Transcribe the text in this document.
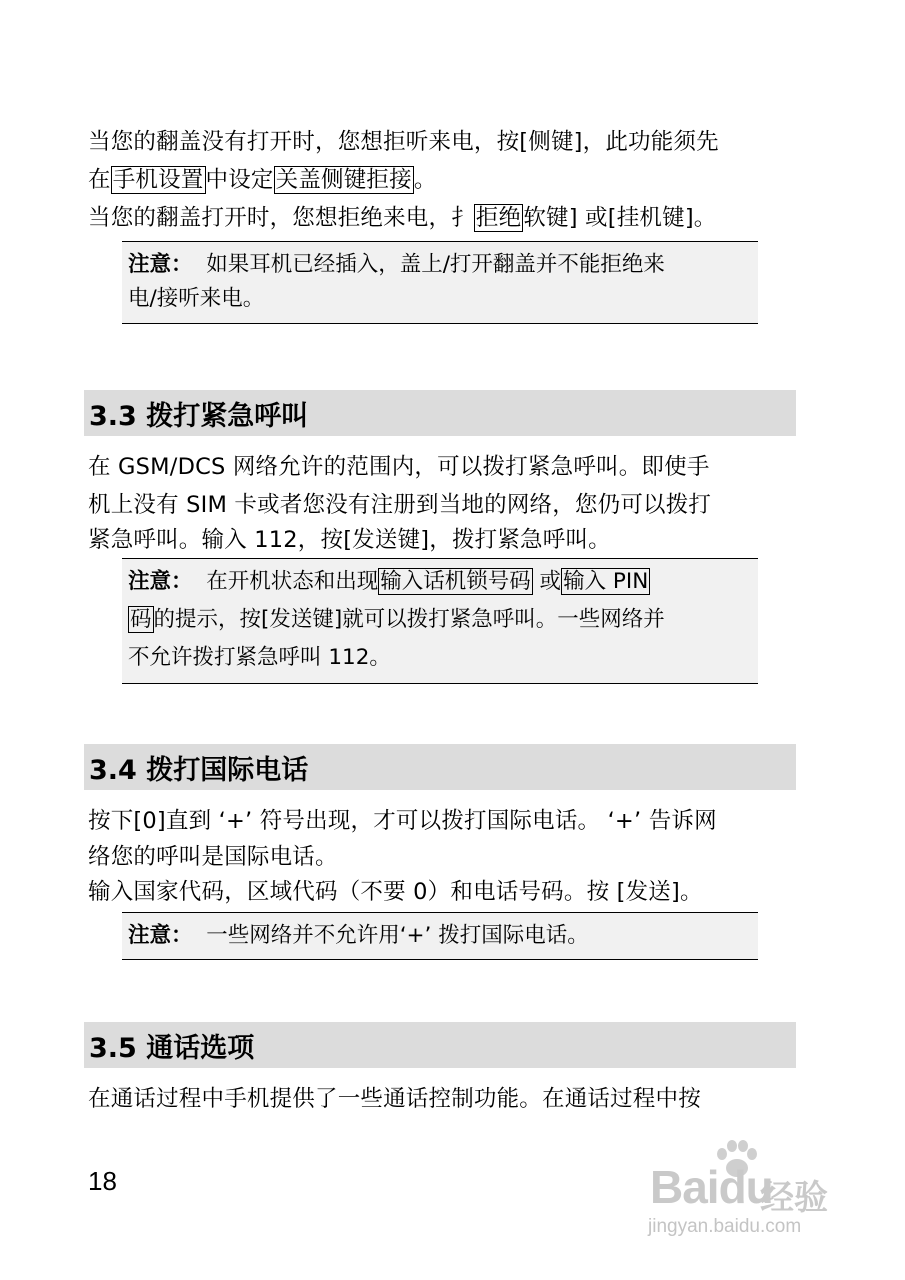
当您的翻盖没有打开时，您想拒听来电，按[侧键]，此功能须先
在手机设置中设定关盖侧键拒接。
当您的翻盖打开时，您想拒绝来电，扌拒绝软键] 或[挂机键]。
注意： 如果耳机已经插入，盖上/打开翻盖并不能拒绝来
电/接听来电。
3.3 拨打紧急呼叫
在 GSM/DCS 网络允许的范围内，可以拨打紧急呼叫。即使手
机上没有 SIM 卡或者您没有注册到当地的网络，您仍可以拨打
紧急呼叫。输入 112，按[发送键]，拨打紧急呼叫。
注意： 在开机状态和出现输入话机锁号码 或输入 PIN
码的提示，按[发送键]就可以拨打紧急呼叫。一些网络并
不允许拨打紧急呼叫 112。
3.4 拨打国际电话
按下[0]直到 ‘+’ 符号出现，才可以拨打国际电话。 ‘+’ 告诉网
络您的呼叫是国际电话。
输入国家代码，区域代码（不要 0）和电话号码。按 [发送]。
注意： 一些网络并不允许用‘+’ 拨打国际电话。
3.5 通话选项
在通话过程中手机提供了一些通话控制功能。在通话过程中按
18	Baidu
经验
jingyan.baidu.com
